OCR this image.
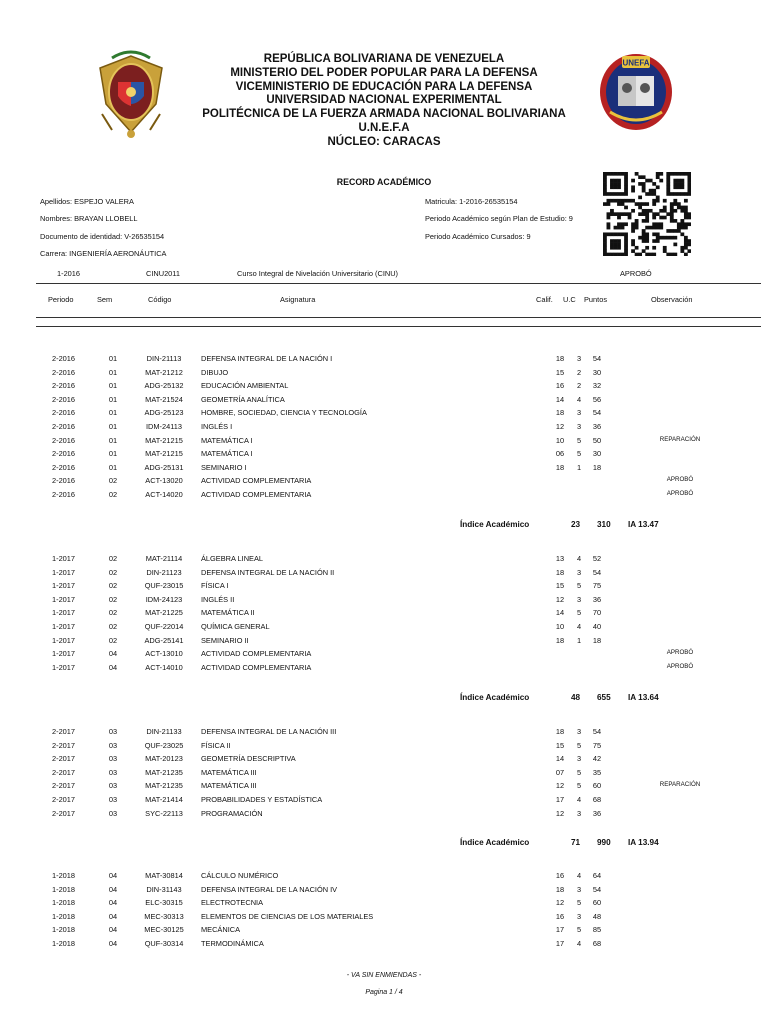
REPÚBLICA BOLIVARIANA DE VENEZUELA
MINISTERIO DEL PODER POPULAR PARA LA DEFENSA
VICEMINISTERIO DE EDUCACIÓN PARA LA DEFENSA
UNIVERSIDAD NACIONAL EXPERIMENTAL
POLITÉCNICA DE LA FUERZA ARMADA NACIONAL BOLIVARIANA
U.N.E.F.A
NÚCLEO: CARACAS
UNEFA
RECORD ACADÉMICO
Apellidos: ESPEJO VALERA
Nombres: BRAYAN LLOBELL
Documento de identidad: V-26535154
Carrera: INGENIERÍA AERONÁUTICA
Matricula: 1-2016-26535154
Periodo Académico según Plan de Estudio: 9
Periodo Académico Cursados: 9
1-2016	CINU2011	Curso Integral de Nivelación Universitario (CINU)	APROBÓ
Periodo	Sem	Código	Asignatura	Calif. U.C Puntos	Observación
2-2016	01	DIN-21113	DEFENSA INTEGRAL DE LA NACIÓN I	18	3	54
2-2016	01	MAT-21212	DIBUJO	15	2	30
2-2016	01	ADG-25132	EDUCACIÓN AMBIENTAL	16	2	32
2-2016	01	MAT-21524	GEOMETRÍA ANALÍTICA	14	4	56
2-2016	01	ADG-25123	HOMBRE, SOCIEDAD, CIENCIA Y TECNOLOGÍA	18	3	54
2-2016	01	IDM-24113	INGLÉS I	12	3	36
2-2016	01	MAT-21215	MATEMÁTICA I	10	5	50	REPARACIÓN
2-2016	01	MAT-21215	MATEMÁTICA I	06	5	30
2-2016	01	ADG-25131	SEMINARIO I	18	1	18
2-2016	02	ACT-13020	ACTIVIDAD COMPLEMENTARIA	APROBÓ
2-2016	02	ACT-14020	ACTIVIDAD COMPLEMENTARIA	APROBÓ
Índice Académico	23 310 IA 13.47
1-2017	02	MAT-21114	ÁLGEBRA LINEAL	13	4	52
1-2017	02	DIN-21123	DEFENSA INTEGRAL DE LA NACIÓN II	18	3	54
1-2017	02	QUF-23015	FÍSICA I	15	5	75
1-2017	02	IDM-24123	INGLÉS II	12	3	36
1-2017	02	MAT-21225	MATEMÁTICA II	14	5	70
1-2017	02	QUF-22014	QUÍMICA GENERAL	10	4	40
1-2017	02	ADG-25141	SEMINARIO II	18	1	18
1-2017	04	ACT-13010	ACTIVIDAD COMPLEMENTARIA	APROBÓ
1-2017	04	ACT-14010	ACTIVIDAD COMPLEMENTARIA	APROBÓ
Índice Académico	48 655 IA 13.64
2-2017	03	DIN-21133	DEFENSA INTEGRAL DE LA NACIÓN III	18	3	54
2-2017	03	QUF-23025	FÍSICA II	15	5	75
2-2017	03	MAT-20123	GEOMETRÍA DESCRIPTIVA	14	3	42
2-2017	03	MAT-21235	MATEMÁTICA III	07	5	35
2-2017	03	MAT-21235	MATEMÁTICA III	12	5	60	REPARACIÓN
2-2017	03	MAT-21414	PROBABILIDADES Y ESTADÍSTICA	17	4	68
2-2017	03	SYC-22113	PROGRAMACIÓN	12	3	36
Índice Académico	71 990 IA 13.94
1-2018	04	MAT-30814	CÁLCULO NUMÉRICO	16	4	64
1-2018	04	DIN-31143	DEFENSA INTEGRAL DE LA NACIÓN IV	18	3	54
1-2018	04	ELC-30315	ELECTROTECNIA	12	5	60
1-2018	04	MEC-30313	ELEMENTOS DE CIENCIAS DE LOS MATERIALES	16	3	48
1-2018	04	MEC-30125	MECÁNICA	17	5	85
1-2018	04	QUF-30314	TERMODINÁMICA	17	4	68
- VA SIN ENMIENDAS -
Pagina 1 / 4
